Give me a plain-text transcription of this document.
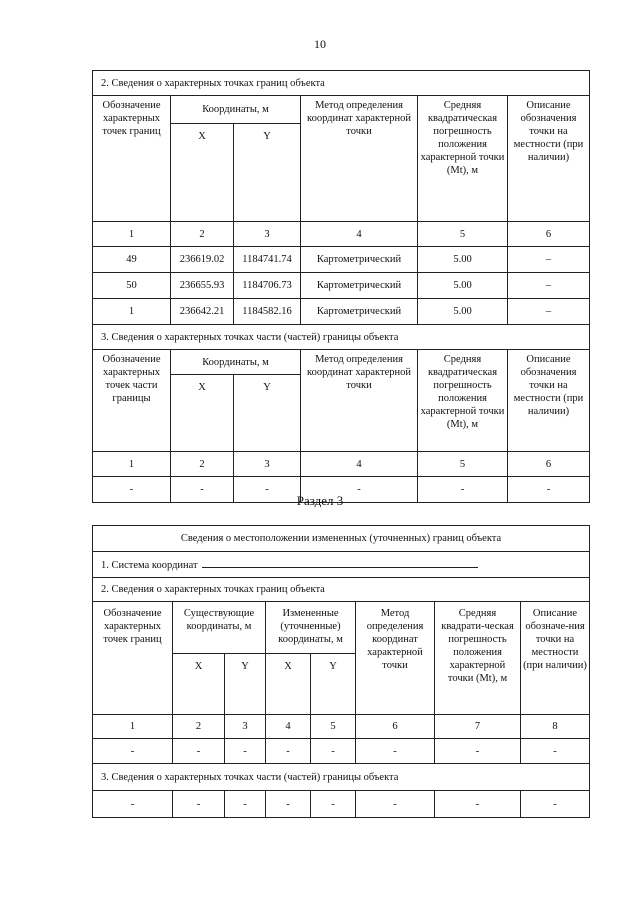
10
2. Сведения о характерных точках границ объекта					
Обозначение характерных точек границ	Координаты, м		Метод определения координат характерной точки	Средняя квадратическая погрешность положения характерной точки (Mt), м	Описание обозначения точки на местности (при наличии)
	X	Y			
1	2	3	4	5	6
49	236619.02	1184741.74	Картометрический	5.00	–
50	236655.93	1184706.73	Картометрический	5.00	–
1	236642.21	1184582.16	Картометрический	5.00	–
3. Сведения о характерных точках части (частей) границы объекта					
Обозначение характерных точек части границы	Координаты, м		Метод определения координат характерной точки	Средняя квадратическая погрешность положения характерной точки (Mt), м	Описание обозначения точки на местности (при наличии)
	X	Y			
1	2	3	4	5	6
-	-	-	-	-	-
Раздел 3
Сведения о местоположении измененных (уточненных) границ объекта							
1. Система координат							
2. Сведения о характерных точках границ объекта							
Обозначение характерных точек границ	Существующие координаты, м		Измененные (уточненные) координаты, м		Метод определения координат характерной точки	Средняя квадрати-ческая погрешность положения характерной точки (Mt), м	Описание обозначе-ния точки на местности (при наличии)
	X	Y	X	Y			
1	2	3	4	5	6	7	8
-	-	-	-	-	-	-	-
3. Сведения о характерных точках части (частей) границы объекта							
-	-	-	-	-	-	-	-
